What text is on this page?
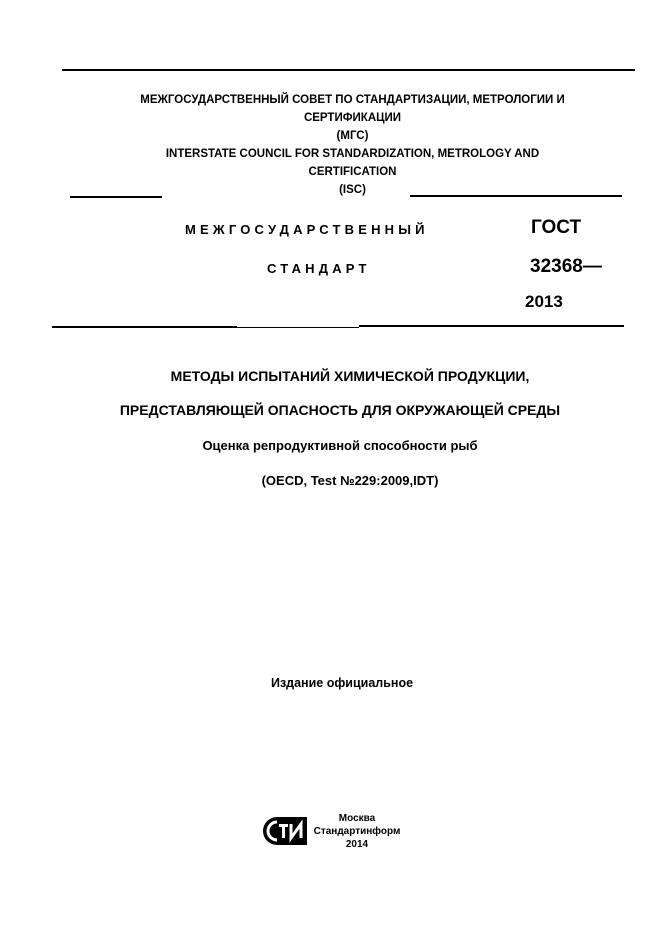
МЕЖГОСУДАРСТВЕННЫЙ СОВЕТ ПО СТАНДАРТИЗАЦИИ, МЕТРОЛОГИИ И
СЕРТИФИКАЦИИ
(МГС)
INTERSTATE COUNCIL FOR STANDARDIZATION, METROLOGY AND
CERTIFICATION
(ISC)
МЕЖГОСУДАРСТВЕННЫЙ
СТАНДАРТ
ГОСТ
32368—
2013
МЕТОДЫ ИСПЫТАНИЙ ХИМИЧЕСКОЙ ПРОДУКЦИИ,
ПРЕДСТАВЛЯЮЩЕЙ ОПАСНОСТЬ ДЛЯ ОКРУЖАЮЩЕЙ СРЕДЫ
Оценка репродуктивной способности рыб
(OECD, Test №229:2009,IDT)
Издание официальное
Москва
Стандартинформ
2014
